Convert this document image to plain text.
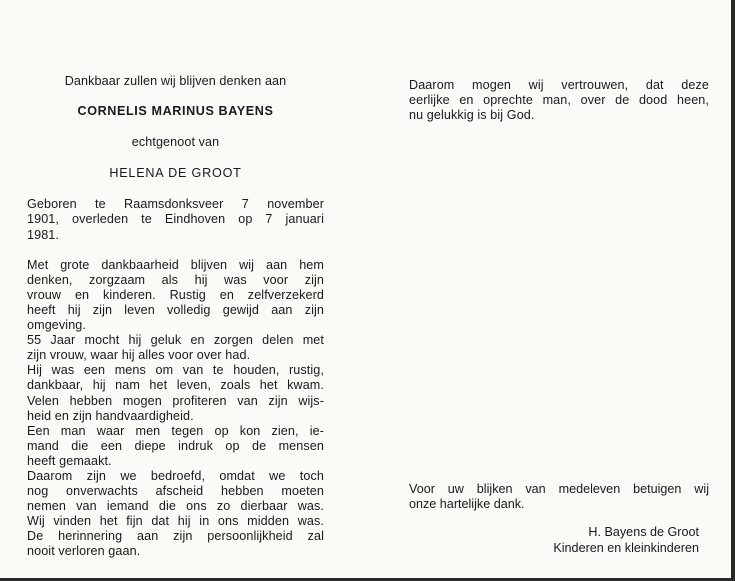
Dankbaar zullen wij blijven denken aan
CORNELIS MARINUS BAYENS
echtgenoot van
HELENA DE GROOT
Geboren te Raamsdonksveer 7 november
1901, overleden te Eindhoven op 7 januari
1981.
Met grote dankbaarheid blijven wij aan hem
denken, zorgzaam als hij was voor zijn
vrouw en kinderen. Rustig en zelfverzekerd
heeft hij zijn leven volledig gewijd aan zijn
omgeving.
55 Jaar mocht hij geluk en zorgen delen met
zijn vrouw, waar hij alles voor over had.
Hij was een mens om van te houden, rustig,
dankbaar, hij nam het leven, zoals het kwam.
Velen hebben mogen profiteren van zijn wijs-
heid en zijn handvaardigheid.
Een man waar men tegen op kon zien, ie-
mand die een diepe indruk op de mensen
heeft gemaakt.
Daarom zijn we bedroefd, omdat we toch
nog onverwachts afscheid hebben moeten
nemen van iemand die ons zo dierbaar was.
Wij vinden het fijn dat hij in ons midden was.
De herinnering aan zijn persoonlijkheid zal
nooit verloren gaan.
Daarom mogen wij vertrouwen, dat deze
eerlijke en oprechte man, over de dood heen,
nu gelukkig is bij God.
Voor uw blijken van medeleven betuigen wij
onze hartelijke dank.
H. Bayens de Groot
Kinderen en kleinkinderen
